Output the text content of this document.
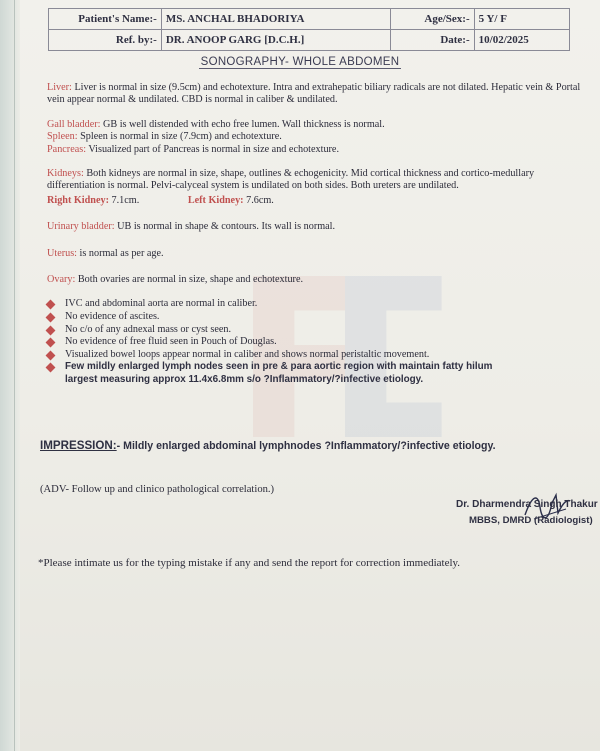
Patient's Name:-	MS. ANCHAL BHADORIYA	Age/Sex:-	5 Y/ F
Ref. by:-	DR. ANOOP GARG [D.C.H.]	Date:-	10/02/2025
SONOGRAPHY- WHOLE ABDOMEN

Liver: Liver is normal in size (9.5cm) and echotexture. Intra and extrahepatic biliary radicals are not dilated. Hepatic vein & Portal vein appear normal & undilated. CBD is normal in caliber & undilated.

Gall bladder: GB is well distended with echo free lumen. Wall thickness is normal.

Spleen: Spleen is normal in size (7.9cm) and echotexture.

Pancreas: Visualized part of Pancreas is normal in size and echotexture.

Kidneys: Both kidneys are normal in size, shape, outlines & echogenicity. Mid cortical thickness and cortico-medullary differentiation is normal. Pelvi-calyceal system is undilated on both sides. Both ureters are undilated.

Right Kidney: 7.1cm.	Left Kidney: 7.6cm.

Urinary bladder: UB is normal in shape & contours. Its wall is normal.

Uterus: is normal as per age.

Ovary: Both ovaries are normal in size, shape and echotexture.

IVC and abdominal aorta are normal in caliber.
No evidence of ascites.
No c/o of any adnexal mass or cyst seen.
No evidence of free fluid seen in Pouch of Douglas.
Visualized bowel loops appear normal in caliber and shows normal peristaltic movement.
Few mildly enlarged lymph nodes seen in pre & para aortic region with maintain fatty hilum
largest measuring approx 11.4x6.8mm s/o ?Inflammatory/?infective etiology.
IMPRESSION:- Mildly enlarged abdominal lymphnodes ?Inflammatory/?infective etiology.
(ADV- Follow up and clinico pathological correlation.)
Dr. Dharmendra Singh Thakur
MBBS, DMRD (Radiologist)
*Please intimate us for the typing mistake if any and send the report for correction immediately.
